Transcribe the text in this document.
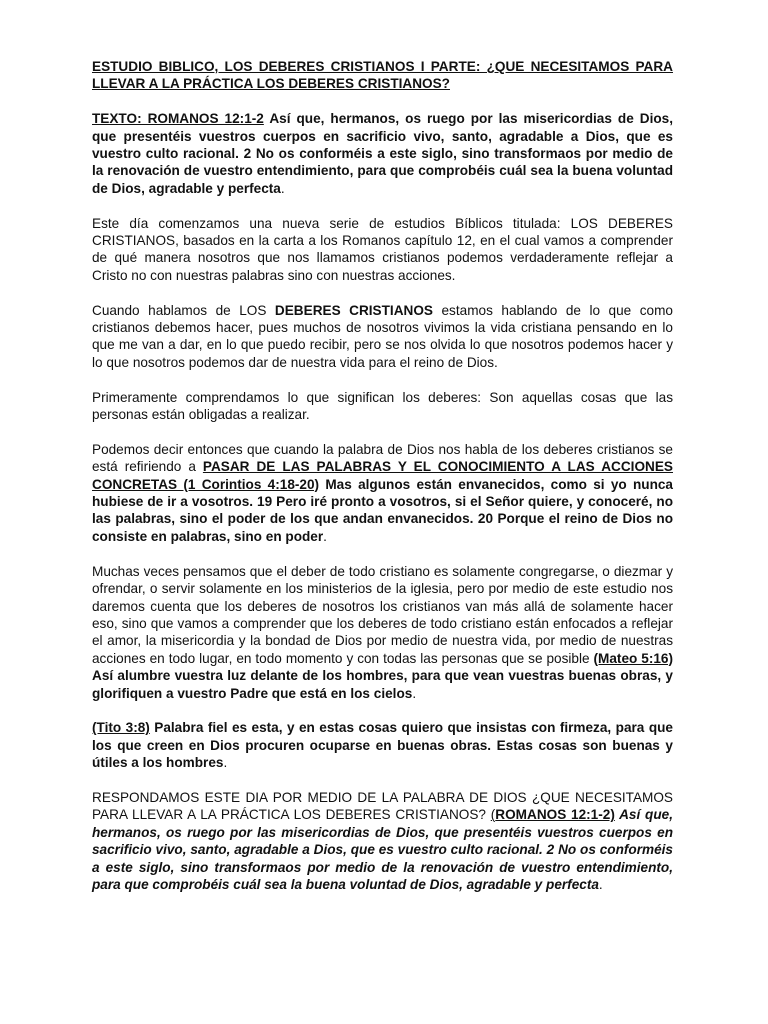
ESTUDIO BIBLICO, LOS DEBERES CRISTIANOS I PARTE: ¿QUE NECESITAMOS PARA LLEVAR A LA PRÁCTICA LOS DEBERES CRISTIANOS?

TEXTO: ROMANOS 12:1-2 Así que, hermanos, os ruego por las misericordias de Dios, que presentéis vuestros cuerpos en sacrificio vivo, santo, agradable a Dios, que es vuestro culto racional. 2 No os conforméis a este siglo, sino transformaos por medio de la renovación de vuestro entendimiento, para que comprobéis cuál sea la buena voluntad de Dios, agradable y perfecta.

Este día comenzamos una nueva serie de estudios Bíblicos titulada: LOS DEBERES CRISTIANOS, basados en la carta a los Romanos capítulo 12, en el cual vamos a comprender de qué manera nosotros que nos llamamos cristianos podemos verdaderamente reflejar a Cristo no con nuestras palabras sino con nuestras acciones.

Cuando hablamos de LOS DEBERES CRISTIANOS estamos hablando de lo que como cristianos debemos hacer, pues muchos de nosotros vivimos la vida cristiana pensando en lo que me van a dar, en lo que puedo recibir, pero se nos olvida lo que nosotros podemos hacer y lo que nosotros podemos dar de nuestra vida para el reino de Dios.

Primeramente comprendamos lo que significan los deberes: Son aquellas cosas que las personas están obligadas a realizar.

Podemos decir entonces que cuando la palabra de Dios nos habla de los deberes cristianos se está refiriendo a PASAR DE LAS PALABRAS Y EL CONOCIMIENTO A LAS ACCIONES CONCRETAS (1 Corintios 4:18-20) Mas algunos están envanecidos, como si yo nunca hubiese de ir a vosotros. 19 Pero iré pronto a vosotros, si el Señor quiere, y conoceré, no las palabras, sino el poder de los que andan envanecidos. 20 Porque el reino de Dios no consiste en palabras, sino en poder.

Muchas veces pensamos que el deber de todo cristiano es solamente congregarse, o diezmar y ofrendar, o servir solamente en los ministerios de la iglesia, pero por medio de este estudio nos daremos cuenta que los deberes de nosotros los cristianos van más allá de solamente hacer eso, sino que vamos a comprender que los deberes de todo cristiano están enfocados a reflejar el amor, la misericordia y la bondad de Dios por medio de nuestra vida, por medio de nuestras acciones en todo lugar, en todo momento y con todas las personas que se posible (Mateo 5:16) Así alumbre vuestra luz delante de los hombres, para que vean vuestras buenas obras, y glorifiquen a vuestro Padre que está en los cielos.

(Tito 3:8) Palabra fiel es esta, y en estas cosas quiero que insistas con firmeza, para que los que creen en Dios procuren ocuparse en buenas obras. Estas cosas son buenas y útiles a los hombres.

RESPONDAMOS ESTE DIA POR MEDIO DE LA PALABRA DE DIOS ¿QUE NECESITAMOS PARA LLEVAR A LA PRÁCTICA LOS DEBERES CRISTIANOS? (ROMANOS 12:1-2) Así que, hermanos, os ruego por las misericordias de Dios, que presentéis vuestros cuerpos en sacrificio vivo, santo, agradable a Dios, que es vuestro culto racional. 2 No os conforméis a este siglo, sino transformaos por medio de la renovación de vuestro entendimiento, para que comprobéis cuál sea la buena voluntad de Dios, agradable y perfecta.
